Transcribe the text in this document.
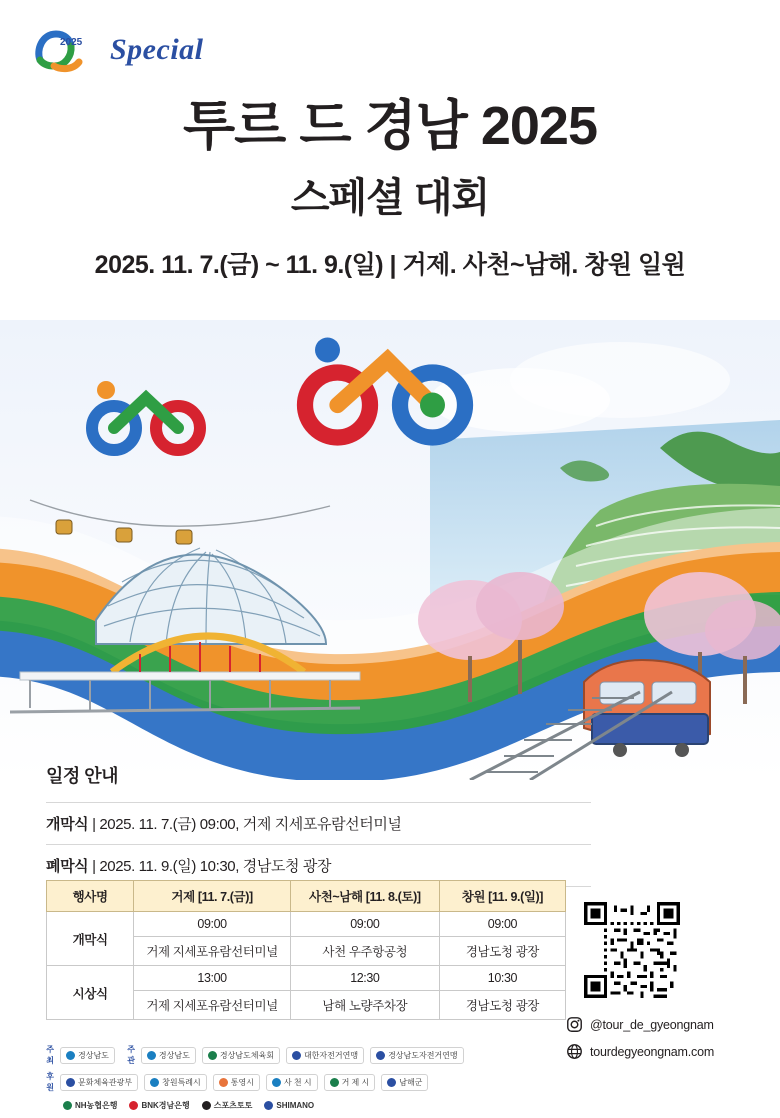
2025 Special
투르 드 경남 2025
스페셜 대회
2025. 11. 7.(금) ~ 11. 9.(일) | 거제. 사천~남해. 창원 일원
일정 안내

개막식 | 2025. 11. 7.(금) 09:00, 거제 지세포유람선터미널

폐막식 | 2025. 11. 9.(일) 10:30, 경남도청 광장

행사명	거제 [11. 7.(금)]	사천~남해 [11. 8.(토)]	창원 [11. 9.(일)]
개막식	09:00	09:00	09:00
	거제 지세포유람선터미널	사천 우주항공청	경남도청 광장
시상식	13:00	12:30	10:30
	거제 지세포유람선터미널	남해 노량주차장	경남도청 광장
@tour_de_gyeongnam
tourdegyeongnam.com
주최
경상남도
주관
경상남도	경상남도체육회	대한자전거연맹	경상남도자전거연맹
후원
문화체육관광부	창원특례시	통영시	사 천 시	거 제 시	남해군
NH농협은행	BNK경남은행	스포츠토토	SHIMANO
